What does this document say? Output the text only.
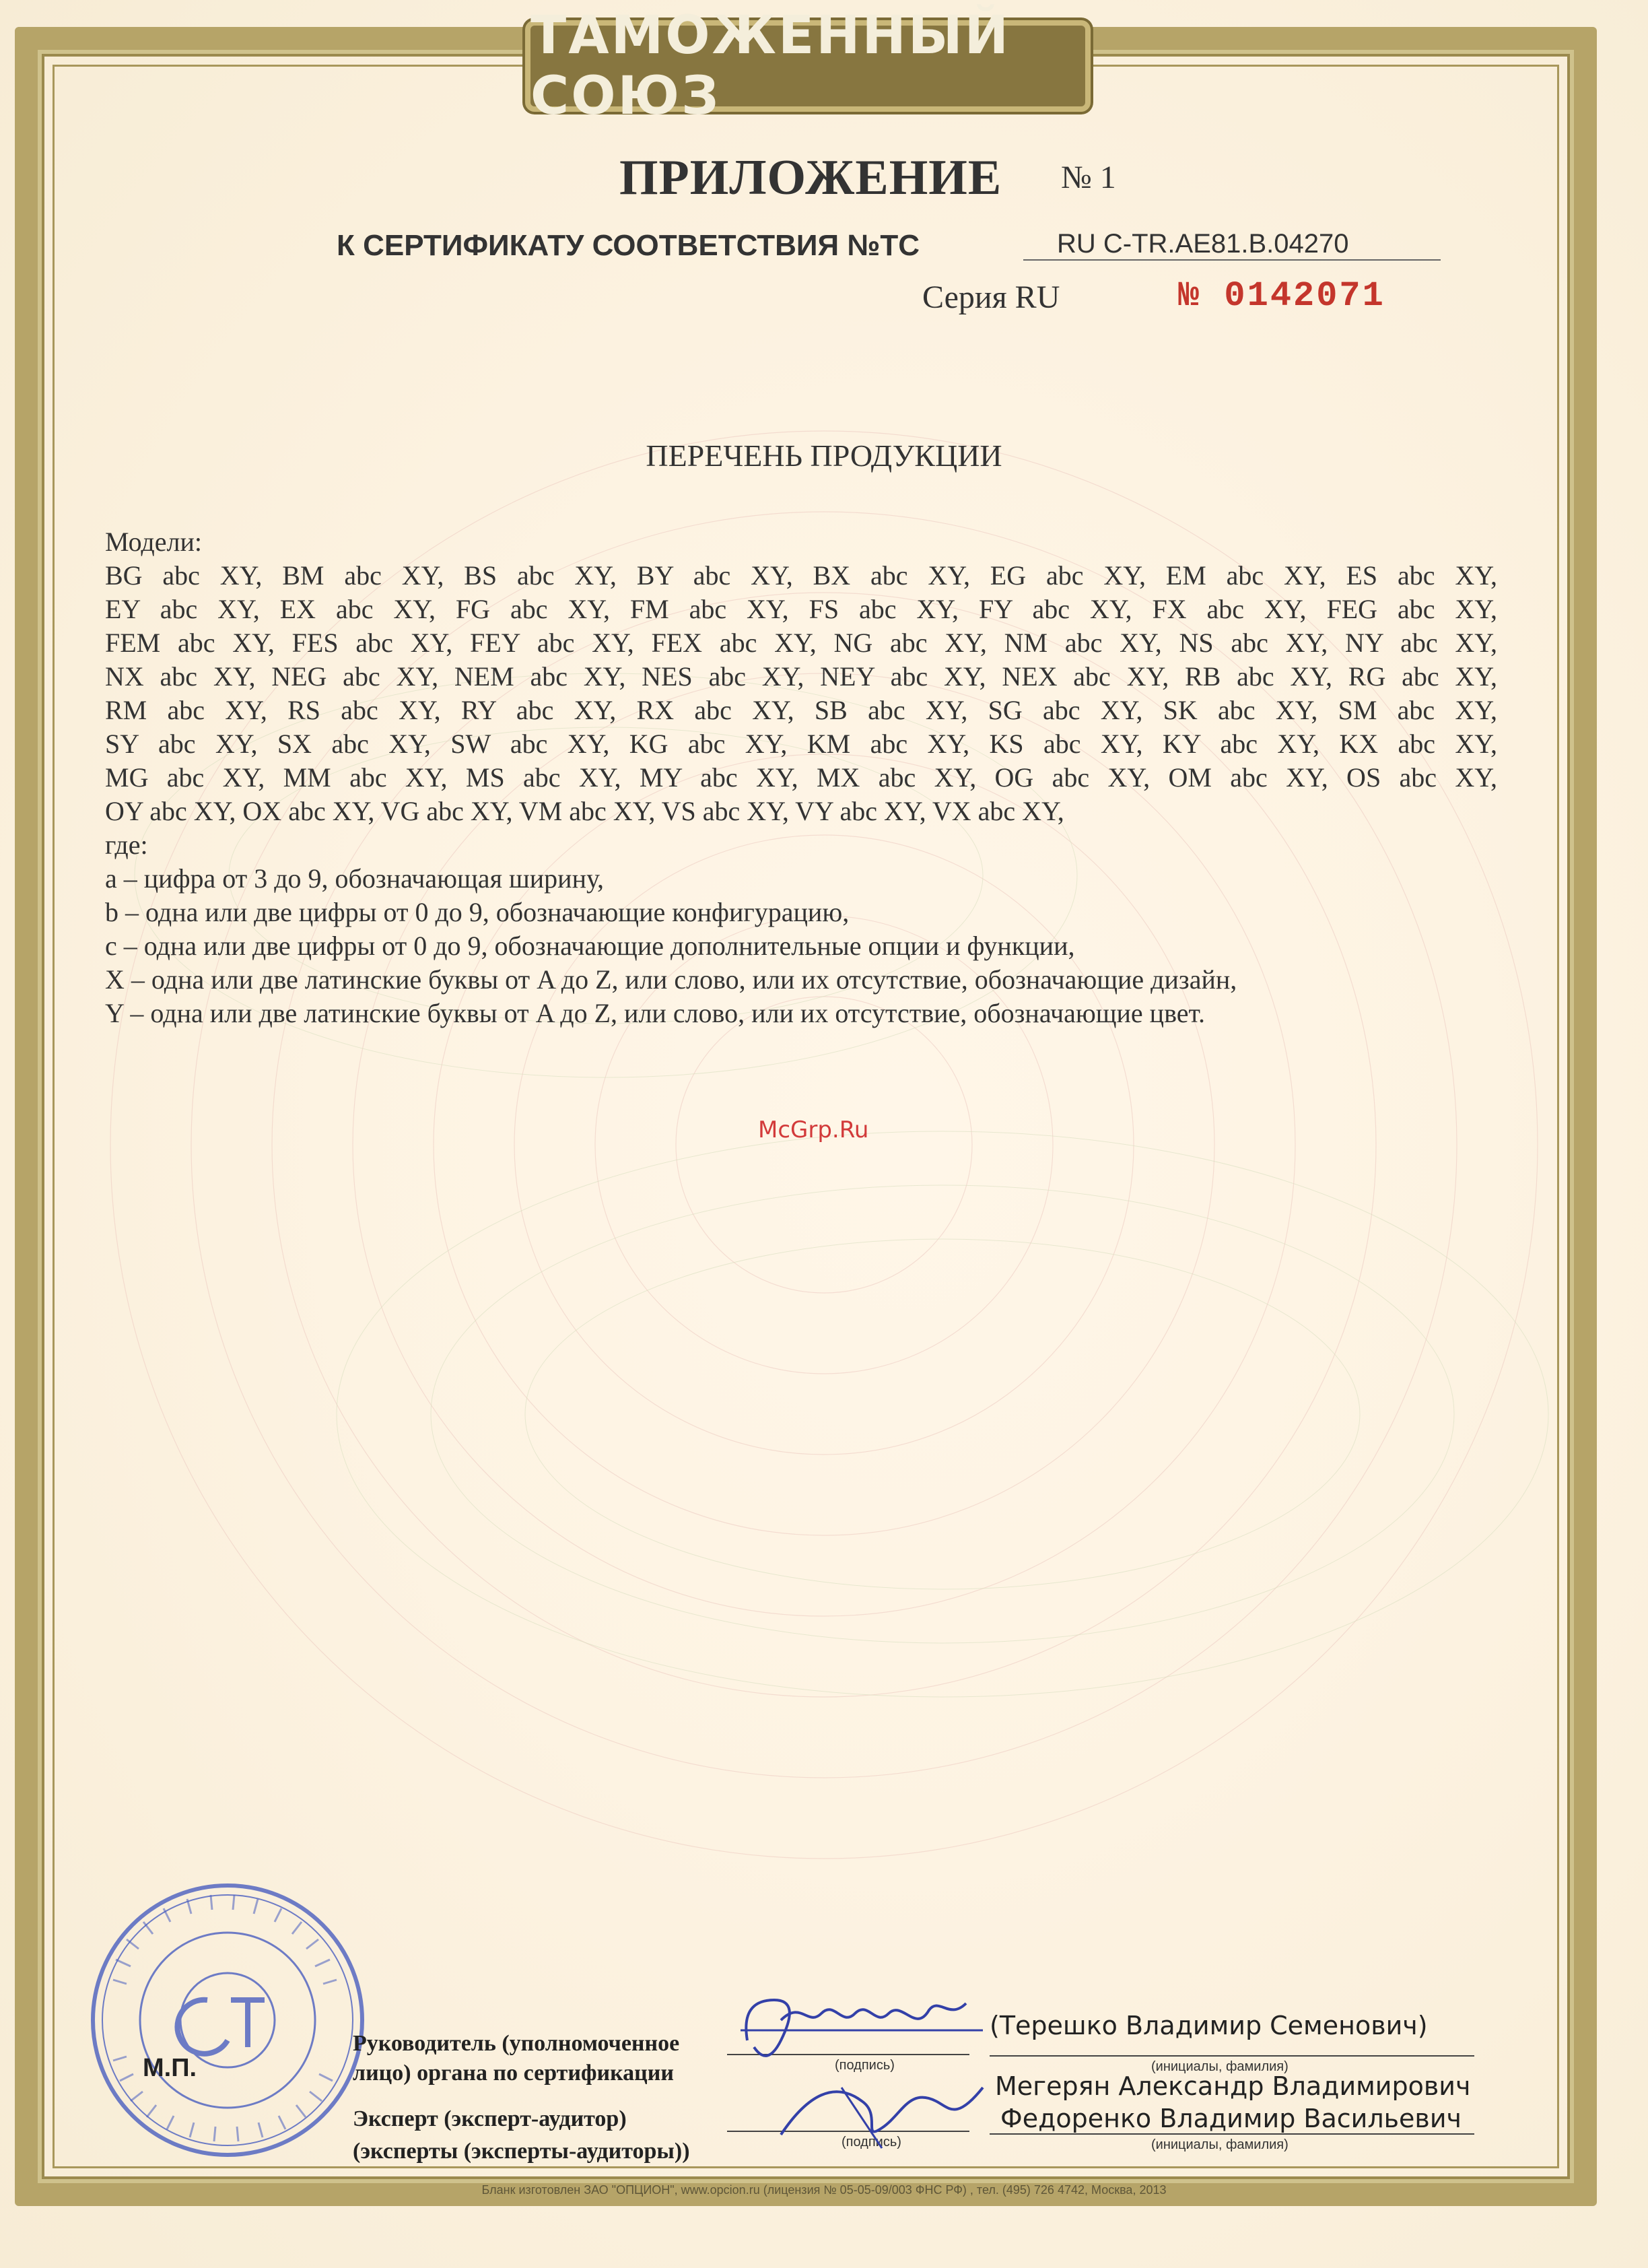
ТАМОЖЕННЫЙ СОЮЗ
ПРИЛОЖЕНИЕ № 1
К СЕРТИФИКАТУ СООТВЕТСТВИЯ №ТС	RU C-TR.AE81.B.04270
Серия RU	№ 0142071
ПЕРЕЧЕНЬ ПРОДУКЦИИ
Модели:
BG abc XY, BM abc XY, BS abc XY, BY abc XY, BX abc XY, EG abc XY, EM abc XY, ES abc XY,
EY abc XY, EX abc XY, FG abc XY, FM abc XY, FS abc XY, FY abc XY, FX abc XY, FEG abc XY,
FEM abc XY, FES abc XY, FEY abc XY, FEX abc XY, NG abc XY, NM abc XY, NS abc XY, NY abc XY,
NX abc XY, NEG abc XY, NEM abc XY, NES abc XY, NEY abc XY, NEX abc XY, RB abc XY, RG abc XY,
RM abc XY, RS abc XY, RY abc XY, RX abc XY, SB abc XY, SG abc XY, SK abc XY, SM abc XY,
SY abc XY, SX abc XY, SW abc XY, KG abc XY, KM abc XY, KS abc XY, KY abc XY, KX abc XY,
MG abc XY, MM abc XY, MS abc XY, MY abc XY, MX abc XY, OG abc XY, OM abc XY, OS abc XY,
OY abc XY, OX abc XY, VG abc XY, VM abc XY, VS abc XY, VY abc XY, VX abc XY,
где:
a – цифра от 3 до 9, обозначающая ширину,
b – одна или две цифры от 0 до 9, обозначающие конфигурацию,
c – одна или две цифры от 0 до 9, обозначающие дополнительные опции и функции,
X – одна или две латинские буквы от A до Z, или слово, или их отсутствие, обозначающие дизайн,
Y – одна или две латинские буквы от A до Z, или слово, или их отсутствие, обозначающие цвет.
McGrp.Ru
М.П.
Руководитель (уполномоченное
лицо) органа по сертификации	(подпись)
(Терешко Владимир Семенович)
(инициалы, фамилия)
Эксперт (эксперт-аудитор)
(эксперты (эксперты-аудиторы))	(подпись)
Мегерян Александр Владимирович
Федоренко Владимир Васильевич
(инициалы, фамилия)
Бланк изготовлен ЗАО "ОПЦИОН", www.opcion.ru (лицензия № 05-05-09/003 ФНС РФ) , тел. (495) 726 4742, Москва, 2013
